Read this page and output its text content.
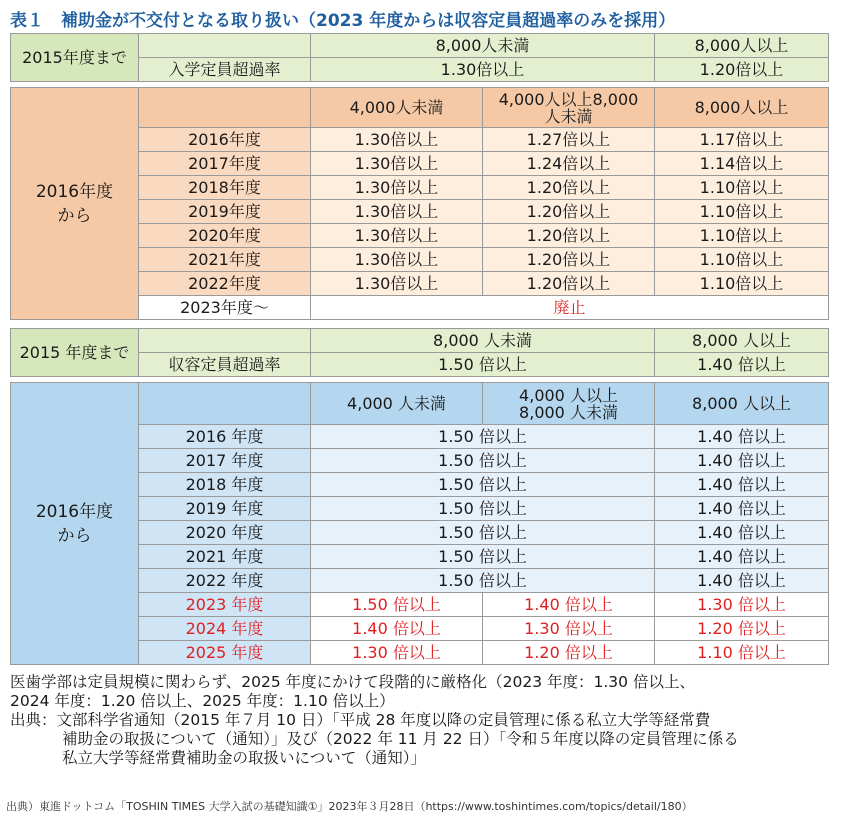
表１　補助金が不交付となる取り扱い（2023 年度からは収容定員超過率のみを採用）
2015年度まで		8,000人未満		8,000人以上
	入学定員超過率	1.30倍以上		1.20倍以上

2016年度
から		4,000人未満	4,000人以上8,000
人未満	8,000人以上
	2016年度	1.30倍以上	1.27倍以上	1.17倍以上
	2017年度	1.30倍以上	1.24倍以上	1.14倍以上
	2018年度	1.30倍以上	1.20倍以上	1.10倍以上
	2019年度	1.30倍以上	1.20倍以上	1.10倍以上
	2020年度	1.30倍以上	1.20倍以上	1.10倍以上
	2021年度	1.30倍以上	1.20倍以上	1.10倍以上
	2022年度	1.30倍以上	1.20倍以上	1.10倍以上
	2023年度〜	廃止		
2015 年度まで		8,000 人未満		8,000 人以上
	収容定員超過率	1.50 倍以上		1.40 倍以上

2016年度
から		4,000 人未満	4,000 人以上
8,000 人未満	8,000 人以上
	2016 年度	1.50 倍以上		1.40 倍以上
	2017 年度	1.50 倍以上		1.40 倍以上
	2018 年度	1.50 倍以上		1.40 倍以上
	2019 年度	1.50 倍以上		1.40 倍以上
	2020 年度	1.50 倍以上		1.40 倍以上
	2021 年度	1.50 倍以上		1.40 倍以上
	2022 年度	1.50 倍以上		1.40 倍以上
	2023 年度	1.50 倍以上	1.40 倍以上	1.30 倍以上
	2024 年度	1.40 倍以上	1.30 倍以上	1.20 倍以上
	2025 年度	1.30 倍以上	1.20 倍以上	1.10 倍以上

医歯学部は定員規模に関わらず、2025 年度にかけて段階的に厳格化（2023 年度：1.30 倍以上、

2024 年度：1.20 倍以上、2025 年度：1.10 倍以上）

出典：文部科学省通知（2015 年７月 10 日）「平成 28 年度以降の定員管理に係る私立大学等経常費

補助金の取扱について（通知）」及び（2022 年 11 月 22 日）「令和５年度以降の定員管理に係る

私立大学等経常費補助金の取扱いについて（通知）」

出典）東進ドットコム「TOSHIN TIMES 大学入試の基礎知識①」2023年３月28日（https://www.toshintimes.com/topics/detail/180）
